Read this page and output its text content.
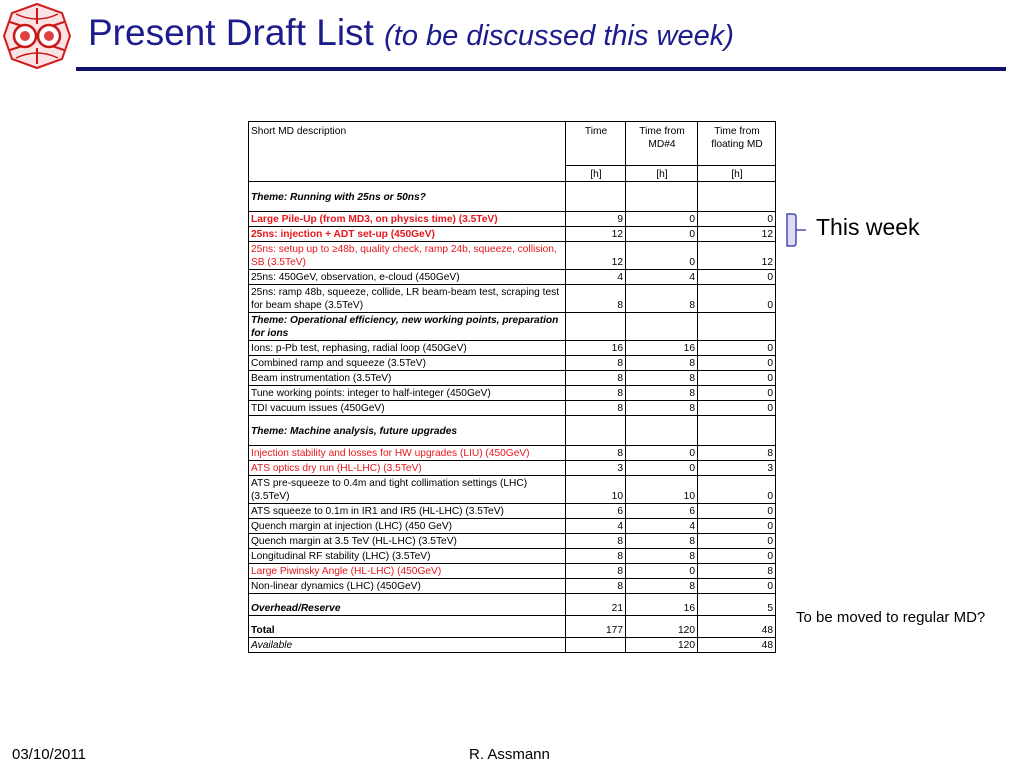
Present Draft List (to be discussed this week)
Short MD description	Time	Time from MD#4	Time from floating MD
	[h]	[h]	[h]
Theme: Running with 25ns or 50ns?			
Large Pile-Up (from MD3, on physics time) (3.5TeV)	9	0	0
25ns: injection + ADT set-up (450GeV)	12	0	12
25ns: setup up to ≥48b, quality check, ramp 24b, squeeze, collision, SB (3.5TeV)	12	0	12
25ns: 450GeV, observation, e-cloud (450GeV)	4	4	0
25ns: ramp 48b, squeeze, collide, LR beam-beam test, scraping test for beam shape (3.5TeV)	8	8	0
Theme: Operational efficiency, new working points, preparation for ions			
Ions: p-Pb test, rephasing, radial loop (450GeV)	16	16	0
Combined ramp and squeeze (3.5TeV)	8	8	0
Beam instrumentation (3.5TeV)	8	8	0
Tune working points: integer to half-integer (450GeV)	8	8	0
TDI vacuum issues (450GeV)	8	8	0
Theme: Machine analysis, future upgrades			
Injection stability and losses for HW upgrades (LIU) (450GeV)	8	0	8
ATS optics dry run (HL-LHC) (3.5TeV)	3	0	3
ATS pre-squeeze to 0.4m and tight collimation settings (LHC) (3.5TeV)	10	10	0
ATS squeeze to 0.1m in IR1 and IR5 (HL-LHC) (3.5TeV)	6	6	0
Quench margin at injection (LHC) (450 GeV)	4	4	0
Quench margin at 3.5 TeV (HL-LHC) (3.5TeV)	8	8	0
Longitudinal RF stability (LHC) (3.5TeV)	8	8	0
Large Piwinsky Angle (HL-LHC) (450GeV)	8	0	8
Non-linear dynamics (LHC) (450GeV)	8	8	0
Overhead/Reserve	21	16	5
Total	177	120	48
Available		120	48
This week
To be moved to regular MD?
03/10/2011	R. Assmann
